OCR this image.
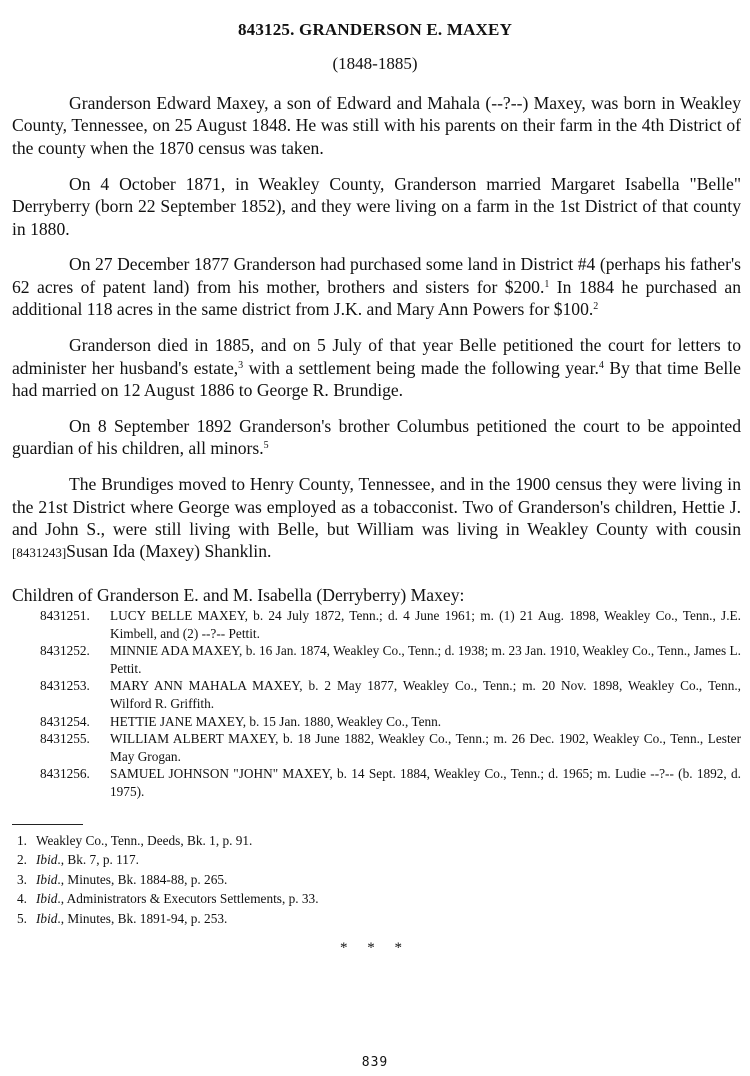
843125. GRANDERSON E. MAXEY
(1848-1885)

Granderson Edward Maxey, a son of Edward and Mahala (--?--) Maxey, was born in Weakley County, Tennessee, on 25 August 1848. He was still with his parents on their farm in the 4th District of the county when the 1870 census was taken.

On 4 October 1871, in Weakley County, Granderson married Margaret Isabella "Belle" Derryberry (born 22 September 1852), and they were living on a farm in the 1st District of that county in 1880.

On 27 December 1877 Granderson had purchased some land in District #4 (perhaps his father's 62 acres of patent land) from his mother, brothers and sisters for $200.$^1$ In 1884 he purchased an additional 118 acres in the same district from J.K. and Mary Ann Powers for $100.$^2$

Granderson died in 1885, and on 5 July of that year Belle petitioned the court for letters to administer her husband's estate,$^3$ with a settlement being made the following year.$^4$ By that time Belle had married on 12 August 1886 to George R. Brundige.

On 8 September 1892 Granderson's brother Columbus petitioned the court to be appointed guardian of his children, all minors.$^5$

The Brundiges moved to Henry County, Tennessee, and in the 1900 census they were living in the 21st District where George was employed as a tobacconist. Two of Granderson's children, Hettie J. and John S., were still living with Belle, but William was living in Weakley County with cousin [8431243]Susan Ida (Maxey) Shanklin.

Children of Granderson E. and M. Isabella (Derryberry) Maxey:
8431251.	LUCY BELLE MAXEY, b. 24 July 1872, Tenn.; d. 4 June 1961; m. (1) 21 Aug. 1898, Weakley Co., Tenn., J.E. Kimbell, and (2) --?-- Pettit.
8431252.	MINNIE ADA MAXEY, b. 16 Jan. 1874, Weakley Co., Tenn.; d. 1938; m. 23 Jan. 1910, Weakley Co., Tenn., James L. Pettit.
8431253.	MARY ANN MAHALA MAXEY, b. 2 May 1877, Weakley Co., Tenn.; m. 20 Nov. 1898, Weakley Co., Tenn., Wilford R. Griffith.
8431254.	HETTIE JANE MAXEY, b. 15 Jan. 1880, Weakley Co., Tenn.
8431255.	WILLIAM ALBERT MAXEY, b. 18 June 1882, Weakley Co., Tenn.; m. 26 Dec. 1902, Weakley Co., Tenn., Lester May Grogan.
8431256.	SAMUEL JOHNSON "JOHN" MAXEY, b. 14 Sept. 1884, Weakley Co., Tenn.; d. 1965; m. Ludie --?-- (b. 1892, d. 1975).
1. Weakley Co., Tenn., Deeds, Bk. 1, p. 91.
2. Ibid., Bk. 7, p. 117.
3. Ibid., Minutes, Bk. 1884-88, p. 265.
4. Ibid., Administrators & Executors Settlements, p. 33.
5. Ibid., Minutes, Bk. 1891-94, p. 253.
* * *
839
